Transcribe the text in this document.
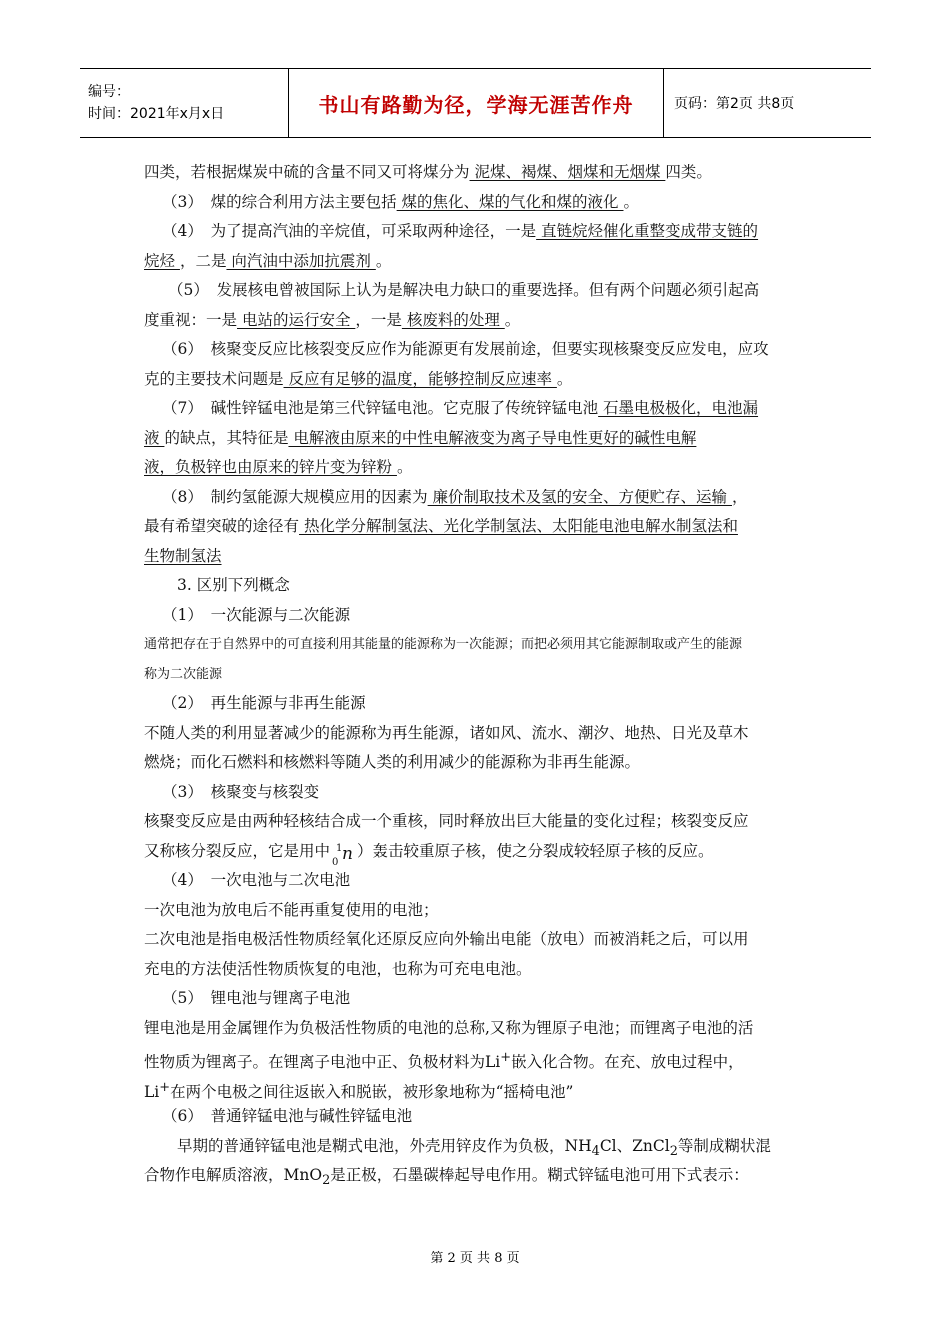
编号：
时间：2021年x月x日	书山有路勤为径，学海无涯苦作舟	页码：第2页 共8页
四类，若根据煤炭中硫的含量不同又可将煤分为 泥煤、褐煤、烟煤和无烟煤 四类。
（3）　煤的综合利用方法主要包括 煤的焦化、煤的气化和煤的液化 。
（4）　为了提高汽油的辛烷值，可采取两种途径，一是 直链烷烃催化重整变成带支链的
烷烃 ，二是 向汽油中添加抗震剂 。
（5）　发展核电曾被国际上认为是解决电力缺口的重要选择。但有两个问题必须引起高
度重视：一是 电站的运行安全 ，一是 核废料的处理 。
（6）　核聚变反应比核裂变反应作为能源更有发展前途，但要实现核聚变反应发电，应攻
克的主要技术问题是 反应有足够的温度，能够控制反应速率 。
（7）　碱性锌锰电池是第三代锌锰电池。它克服了传统锌锰电池 石墨电极极化，电池漏
液 的缺点，其特征是 电解液由原来的中性电解液变为离子导电性更好的碱性电解
液，负极锌也由原来的锌片变为锌粉 。
（8）　制约氢能源大规模应用的因素为 廉价制取技术及氢的安全、方便贮存、运输 ，
最有希望突破的途径有 热化学分解制氢法、光化学制氢法、太阳能电池电解水制氢法和
生物制氢法
3. 区别下列概念
（1）　一次能源与二次能源
通常把存在于自然界中的可直接利用其能量的能源称为一次能源；而把必须用其它能源制取或产生的能源
称为二次能源
（2）　再生能源与非再生能源
不随人类的利用显著减少的能源称为再生能源，诸如风、流水、潮汐、地热、日光及草木
燃烧；而化石燃料和核燃料等随人类的利用减少的能源称为非再生能源。
（3）　核聚变与核裂变
核聚变反应是由两种轻核结合成一个重核，同时释放出巨大能量的变化过程；核裂变反应
又称核分裂反应，它是用中 1
0 n ）轰击较重原子核，使之分裂成较轻原子核的反应。
（4）　一次电池与二次电池
一次电池为放电后不能再重复使用的电池；
二次电池是指电极活性物质经氧化还原反应向外输出电能（放电）而被消耗之后，可以用
充电的方法使活性物质恢复的电池，也称为可充电电池。
（5）　锂电池与锂离子电池
锂电池是用金属锂作为负极活性物质的电池的总称,又称为锂原子电池；而锂离子电池的活
性物质为锂离子。在锂离子电池中正、负极材料为Li+嵌入化合物。在充、放电过程中，
Li+在两个电极之间往返嵌入和脱嵌，被形象地称为“摇椅电池”
（6）　普通锌锰电池与碱性锌锰电池
早期的普通锌锰电池是糊式电池，外壳用锌皮作为负极，$NH_4Cl$、ZnCl$_2$等制成糊状混
合物作电解质溶液，MnO$_2$是正极，石墨碳棒起导电作用。糊式锌锰电池可用下式表示：
第 2 页 共 8 页
